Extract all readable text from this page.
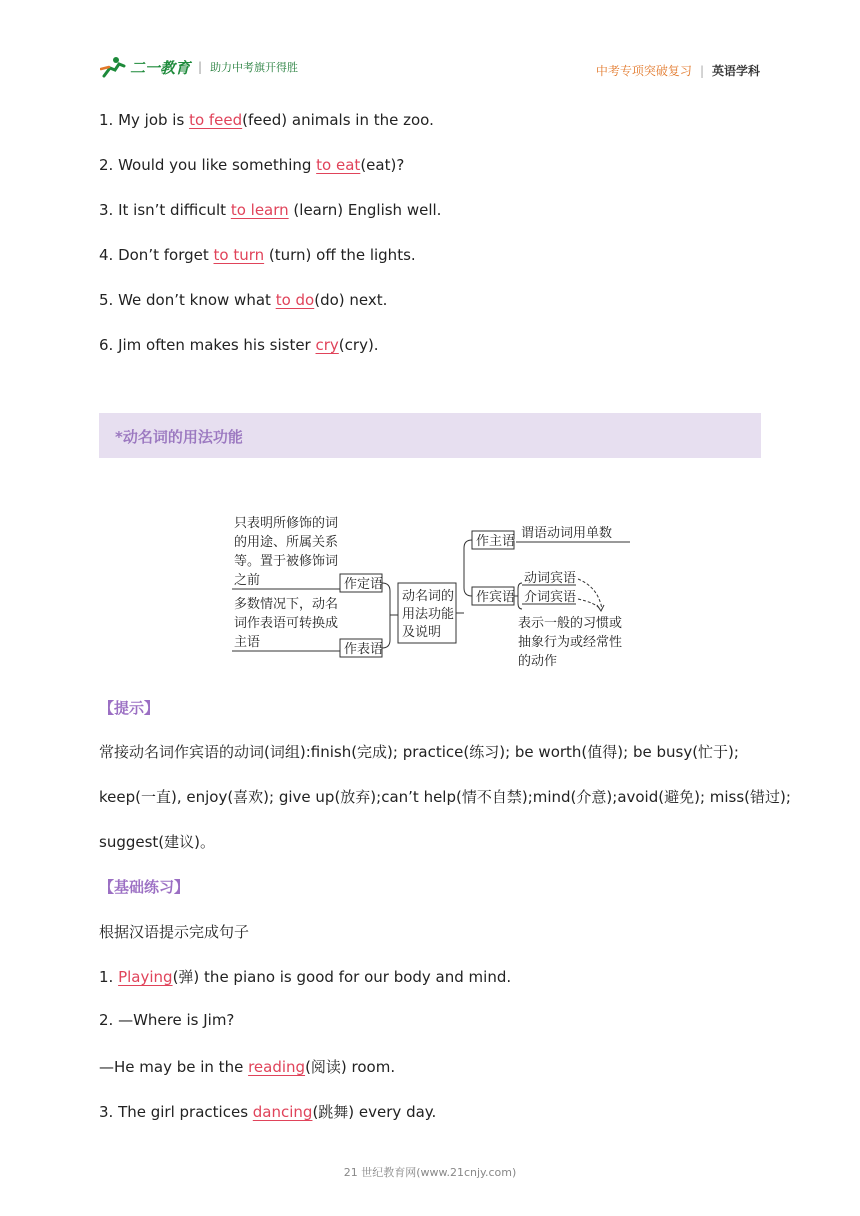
二一教育 | 助力中考旗开得胜	中考专项突破复习 | 英语学科
1. My job is to feed(feed) animals in the zoo.
2. Would you like something to eat(eat)?
3. It isn’t difficult to learn (learn) English well.
4. Don’t forget to turn (turn) off the lights.
5. We don’t know what to do(do) next.
6. Jim often makes his sister cry(cry).
*动名词的用法功能
只表明所修饰的词
的用途、所属关系
等。置于被修饰词
之前	作定语
多数情况下，动名
词作表语可转换成
主语	作表语
动名词的
用法功能
及说明
作主语
谓语动词用单数
作宾语
动词宾语
介词宾语
表示一般的习惯或
抽象行为或经常性
的动作
【提示】
常接动名词作宾语的动词(词组):finish(完成); practice(练习); be worth(值得); be busy(忙于);
keep(一直), enjoy(喜欢); give up(放弃);can’t help(情不自禁);mind(介意);avoid(避免); miss(错过);
suggest(建议)。
【基础练习】
根据汉语提示完成句子
1. Playing(弹) the piano is good for our body and mind.
2. —Where is Jim?
—He may be in the reading(阅读) room.
3. The girl practices dancing(跳舞) every day.
21 世纪教育网(www.21cnjy.com)
